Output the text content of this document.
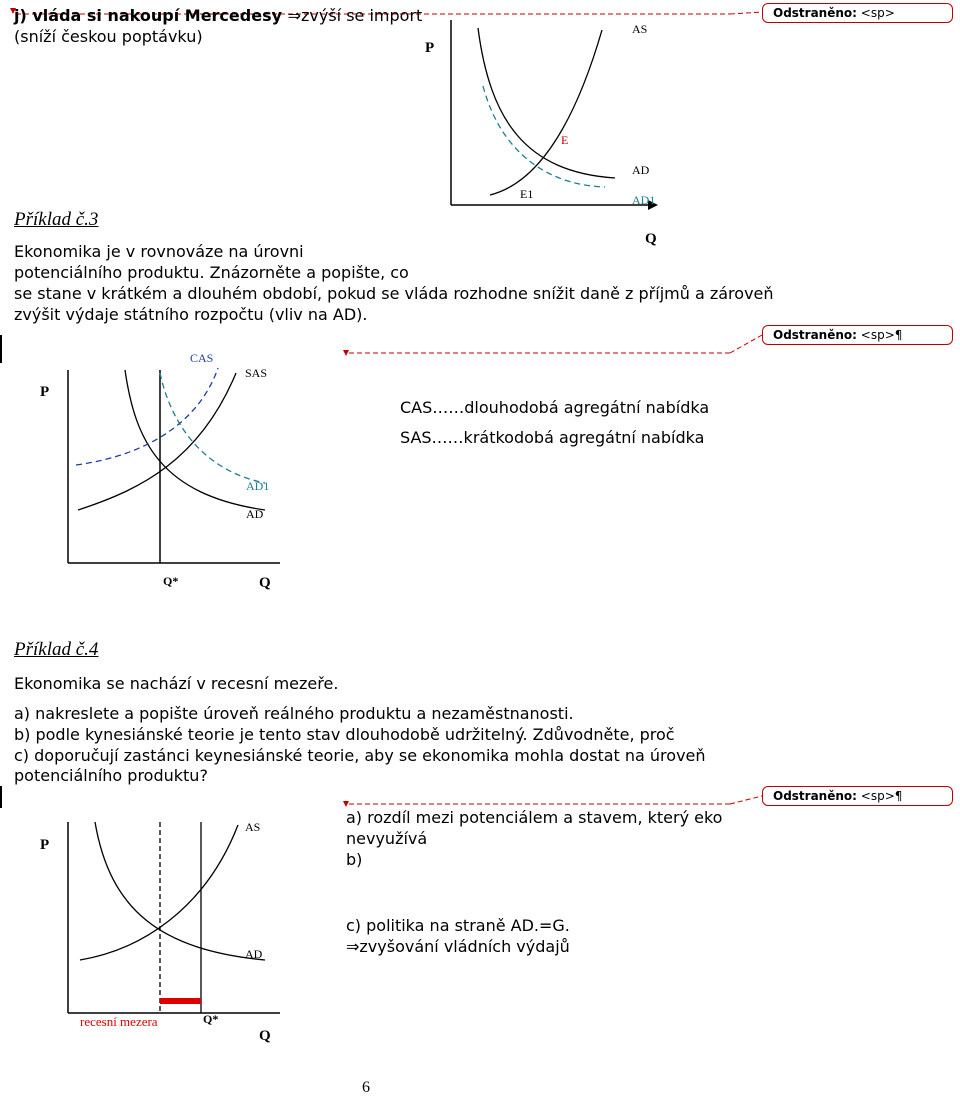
j) vláda si nakoupí Mercedesy ⇒zvýší se import
(sníží českou poptávku)
P
AS
E
AD
E1	AD1
Q
Příklad č.3
Ekonomika je v rovnováze na úrovni
potenciálního produktu. Znázorněte a popište, co
se stane v krátkém a dlouhém období, pokud se vláda rozhodne snížit daně z příjmů a zároveň
zvýšit výdaje státního rozpočtu (vliv na AD).
P
CAS
SAS
AD1
AD
Q*	Q
CAS……dlouhodobá agregátní nabídka
SAS……krátkodobá agregátní nabídka
Příklad č.4
Ekonomika se nachází v recesní mezeře.
a) nakreslete a popište úroveň reálného produktu a nezaměstnanosti.
b) podle kynesiánské teorie je tento stav dlouhodobě udržitelný. Zdůvodněte, proč
c) doporučují zastánci keynesiánské teorie, aby se ekonomika mohla dostat na úroveň
potenciálního produktu?
P
AS
AD
recesní mezera	Q*
Q
a) rozdíl mezi potenciálem a stavem, který eko
nevyužívá
b)
c) politika na straně AD.=G.
⇒zvyšování vládních výdajů
6
Odstraněno: <sp>
Odstraněno: <sp>¶
Odstraněno: <sp>¶
